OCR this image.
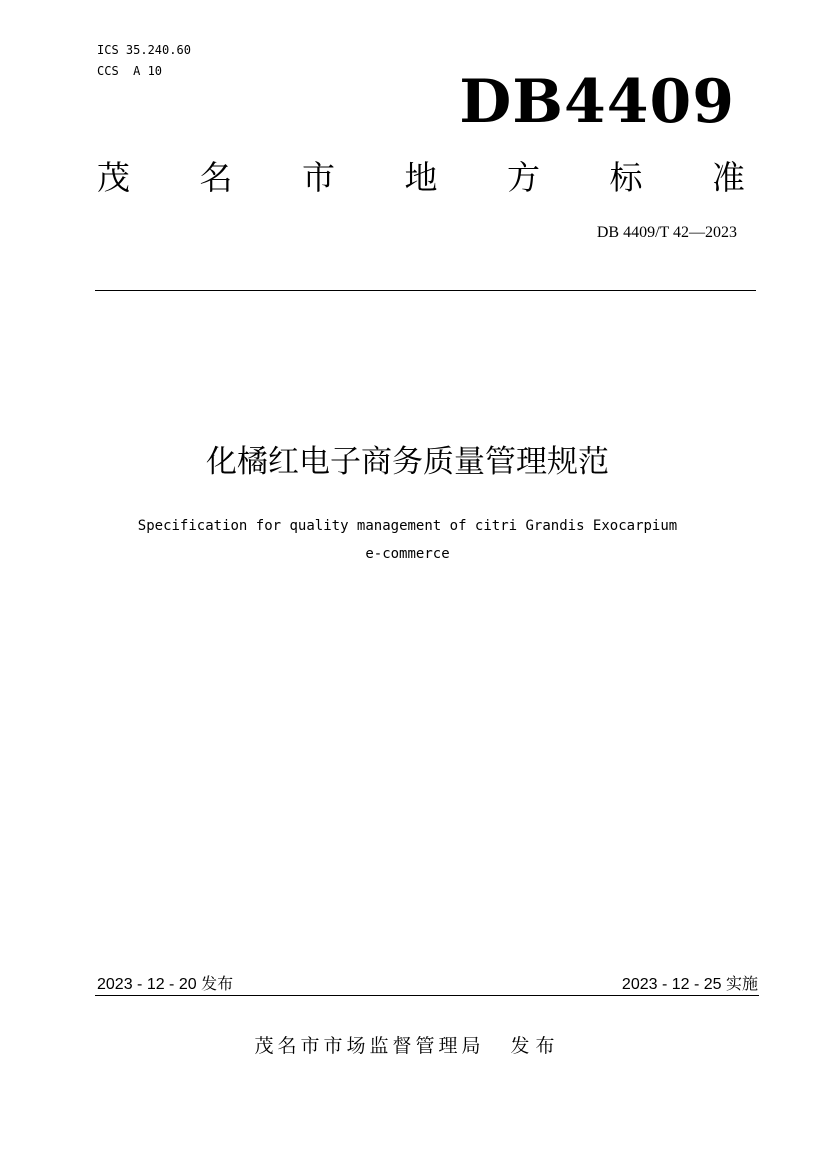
ICS 35.240.60
CCS  A 10	DB4409
茂 名 市 地 方 标 准
DB 4409/T 42—2023
化橘红电子商务质量管理规范
Specification for quality management of citri Grandis Exocarpium
e-commerce
2023 - 12 - 20 发布	2023 - 12 - 25 实施
茂名市市场监督管理局 发布
